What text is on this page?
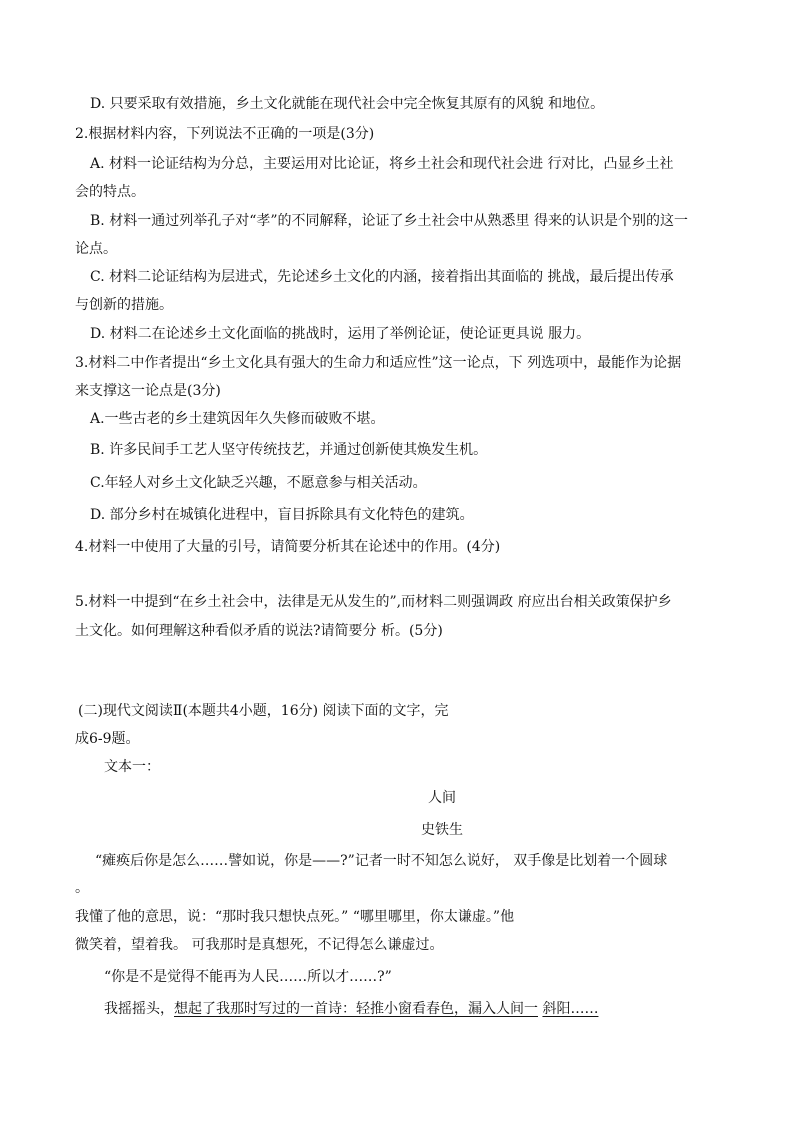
D. 只要采取有效措施，乡土文化就能在现代社会中完全恢复其原有的风貌 和地位。
2.根据材料内容，下列说法不正确的一项是(3分)
A. 材料一论证结构为分总，主要运用对比论证，将乡土社会和现代社会进 行对比，凸显乡土社
会的特点。
B. 材料一通过列举孔子对“孝”的不同解释，论证了乡土社会中从熟悉里 得来的认识是个别的这一
论点。
C. 材料二论证结构为层进式，先论述乡土文化的内涵，接着指出其面临的 挑战，最后提出传承
与创新的措施。
D. 材料二在论述乡土文化面临的挑战时，运用了举例论证，使论证更具说 服力。
3.材料二中作者提出“乡土文化具有强大的生命力和适应性”这一论点，下 列选项中，最能作为论据
来支撑这一论点是(3分)
A.一些古老的乡土建筑因年久失修而破败不堪。
B. 许多民间手工艺人坚守传统技艺，并通过创新使其焕发生机。
C.年轻人对乡土文化缺乏兴趣，不愿意参与相关活动。
D. 部分乡村在城镇化进程中，盲目拆除具有文化特色的建筑。
4.材料一中使用了大量的引号，请简要分析其在论述中的作用。(4分)
5.材料一中提到“在乡土社会中，法律是无从发生的”,而材料二则强调政 府应出台相关政策保护乡
土文化。如何理解这种看似矛盾的说法?请简要分 析。(5分)
(二)现代文阅读Ⅱ(本题共4小题，16分) 阅读下面的文字，完
成6-9题。
文本一：
人间
史铁生
“瘫痪后你是怎么……譬如说，你是——?”记者一时不知怎么说好， 双手像是比划着一个圆球
。
我懂了他的意思，说：“那时我只想快点死。” “哪里哪里，你太谦虚。”他
微笑着，望着我。 可我那时是真想死，不记得怎么谦虚过。
“你是不是觉得不能再为人民……所以才……?”
我摇摇头，想起了我那时写过的一首诗：轻推小窗看春色，漏入人间一 斜阳……
